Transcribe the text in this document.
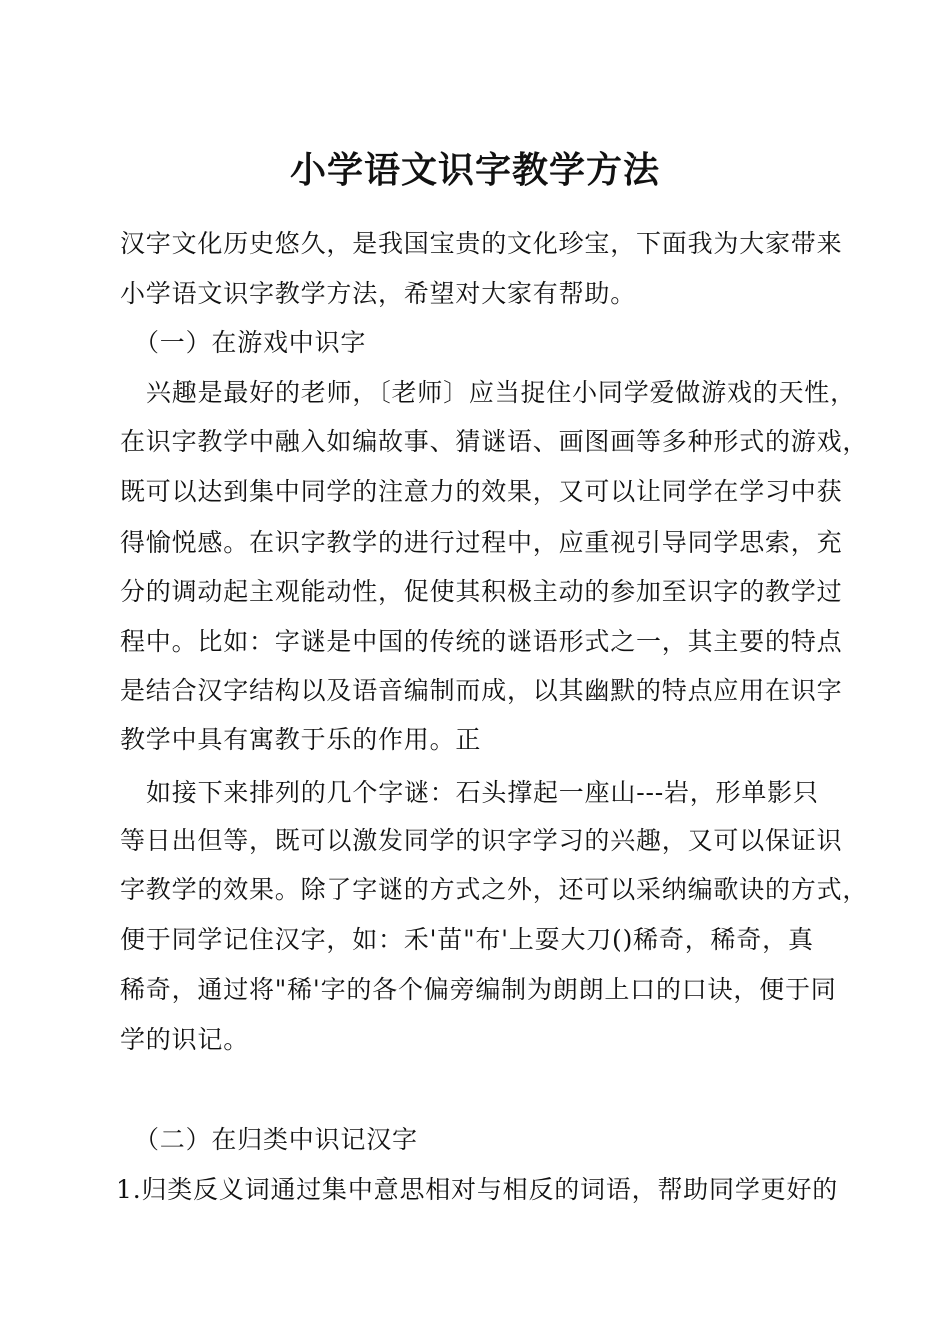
小学语文识字教学方法
汉字文化历史悠久，是我国宝贵的文化珍宝，下面我为大家带来
小学语文识字教学方法，希望对大家有帮助。
（一）在游戏中识字
兴趣是最好的老师，〔老师〕应当捉住小同学爱做游戏的天性，
在识字教学中融入如编故事、猜谜语、画图画等多种形式的游戏，
既可以达到集中同学的注意力的效果，又可以让同学在学习中获
得愉悦感。在识字教学的进行过程中，应重视引导同学思索，充
分的调动起主观能动性，促使其积极主动的参加至识字的教学过
程中。比如：字谜是中国的传统的谜语形式之一，其主要的特点
是结合汉字结构以及语音编制而成，以其幽默的特点应用在识字
教学中具有寓教于乐的作用。正
如接下来排列的几个字谜：石头撑起一座山---岩，形单影只
等日出但等，既可以激发同学的识字学习的兴趣，又可以保证识
字教学的效果。除了字谜的方式之外，还可以采纳编歌诀的方式，
便于同学记住汉字，如：禾'苗"布'上耍大刀()稀奇，稀奇，真
稀奇，通过将"稀'字的各个偏旁编制为朗朗上口的口诀，便于同
学的识记。
（二）在归类中识记汉字
1.归类反义词通过集中意思相对与相反的词语，帮助同学更好的
